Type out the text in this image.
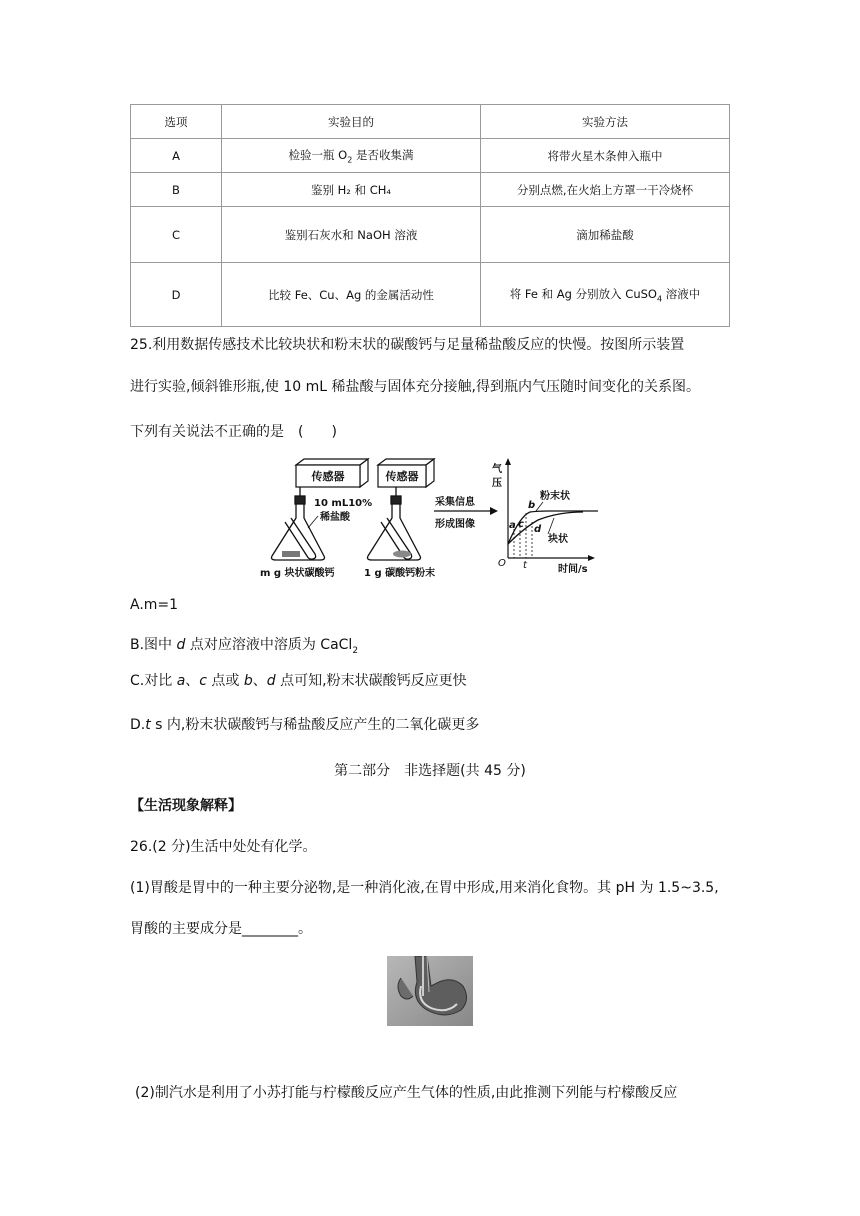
选项	实验目的	实验方法
A	检验一瓶 $O_2$ 是否收集满	将带火星木条伸入瓶中
B	鉴别 H₂ 和 CH₄	分别点燃,在火焰上方罩一干冷烧杯
C	鉴别石灰水和 NaOH 溶液	滴加稀盐酸
D	比较 Fe、Cu、Ag 的金属活动性	将 Fe 和 Ag 分别放入 CuSO$_4$ 溶液中
25.利用数据传感技术比较块状和粉末状的碳酸钙与足量稀盐酸反应的快慢。按图所示装置
进行实验,倾斜锥形瓶,使 10 mL 稀盐酸与固体充分接触,得到瓶内气压随时间变化的关系图。
下列有关说法不正确的是　(　　)
传感器
10 mL10%
稀盐酸
m g 块状碳酸钙
传感器
1 g 碳酸钙粉末
采集信息
形成图像
气
压
时间/s
O t
a c
b
d
粉末状
块状
A.m=1
B.图中 d 点对应溶液中溶质为 CaCl$_2$
C.对比 a、c 点或 b、d 点可知,粉末状碳酸钙反应更快
D.t s 内,粉末状碳酸钙与稀盐酸反应产生的二氧化碳更多
第二部分　非选择题(共 45 分)
【生活现象解释】
26.(2 分)生活中处处有化学。
(1)胃酸是胃中的一种主要分泌物,是一种消化液,在胃中形成,用来消化食物。其 pH 为 1.5~3.5,
胃酸的主要成分是________。
(2)制汽水是利用了小苏打能与柠檬酸反应产生气体的性质,由此推测下列能与柠檬酸反应
